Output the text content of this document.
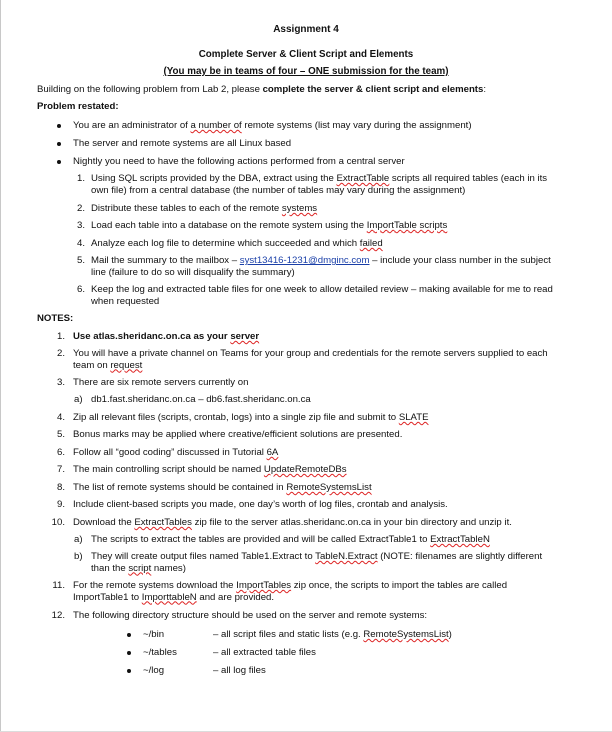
Assignment 4
Complete Server & Client Script and Elements
(You may be in teams of four – ONE submission for the team)
Building on the following problem from Lab 2, please complete the server & client script and elements:
Problem restated:
You are an administrator of a number of remote systems (list may vary during the assignment)
The server and remote systems are all Linux based
Nightly you need to have the following actions performed from a central server
1. Using SQL scripts provided by the DBA, extract using the ExtractTable scripts all required tables (each in its
own file) from a central database (the number of tables may vary during the assignment)
2. Distribute these tables to each of the remote systems
3. Load each table into a database on the remote system using the ImportTable scripts
4. Analyze each log file to determine which succeeded and which failed
5. Mail the summary to the mailbox – syst13416-1231@dmginc.com – include your class number in the subject
line (failure to do so will disqualify the summary)
6. Keep the log and extracted table files for one week to allow detailed review – making available for me to read
when requested
NOTES:
1. Use atlas.sheridanc.on.ca as your server
2. You will have a private channel on Teams for your group and credentials for the remote servers supplied to each
team on request
3. There are six remote servers currently on
a) db1.fast.sheridanc.on.ca – db6.fast.sheridanc.on.ca
4. Zip all relevant files (scripts, crontab, logs) into a single zip file and submit to SLATE
5. Bonus marks may be applied where creative/efficient solutions are presented.
6. Follow all “good coding” discussed in Tutorial 6A
7. The main controlling script should be named UpdateRemoteDBs
8. The list of remote systems should be contained in RemoteSystemsList
9. Include client-based scripts you made, one day’s worth of log files, crontab and analysis.
10. Download the ExtractTables zip file to the server atlas.sheridanc.on.ca in your bin directory and unzip it.
a) The scripts to extract the tables are provided and will be called ExtractTable1 to ExtractTableN
b) They will create output files named Table1.Extract to TableN.Extract (NOTE: filenames are slightly different
than the script names)
11. For the remote systems download the ImportTables zip once, the scripts to import the tables are called
ImportTable1 to ImporttableN and are provided.
12. The following directory structure should be used on the server and remote systems:
~/bin	– all script files and static lists (e.g. RemoteSystemsList)
~/tables	– all extracted table files
~/log	– all log files
